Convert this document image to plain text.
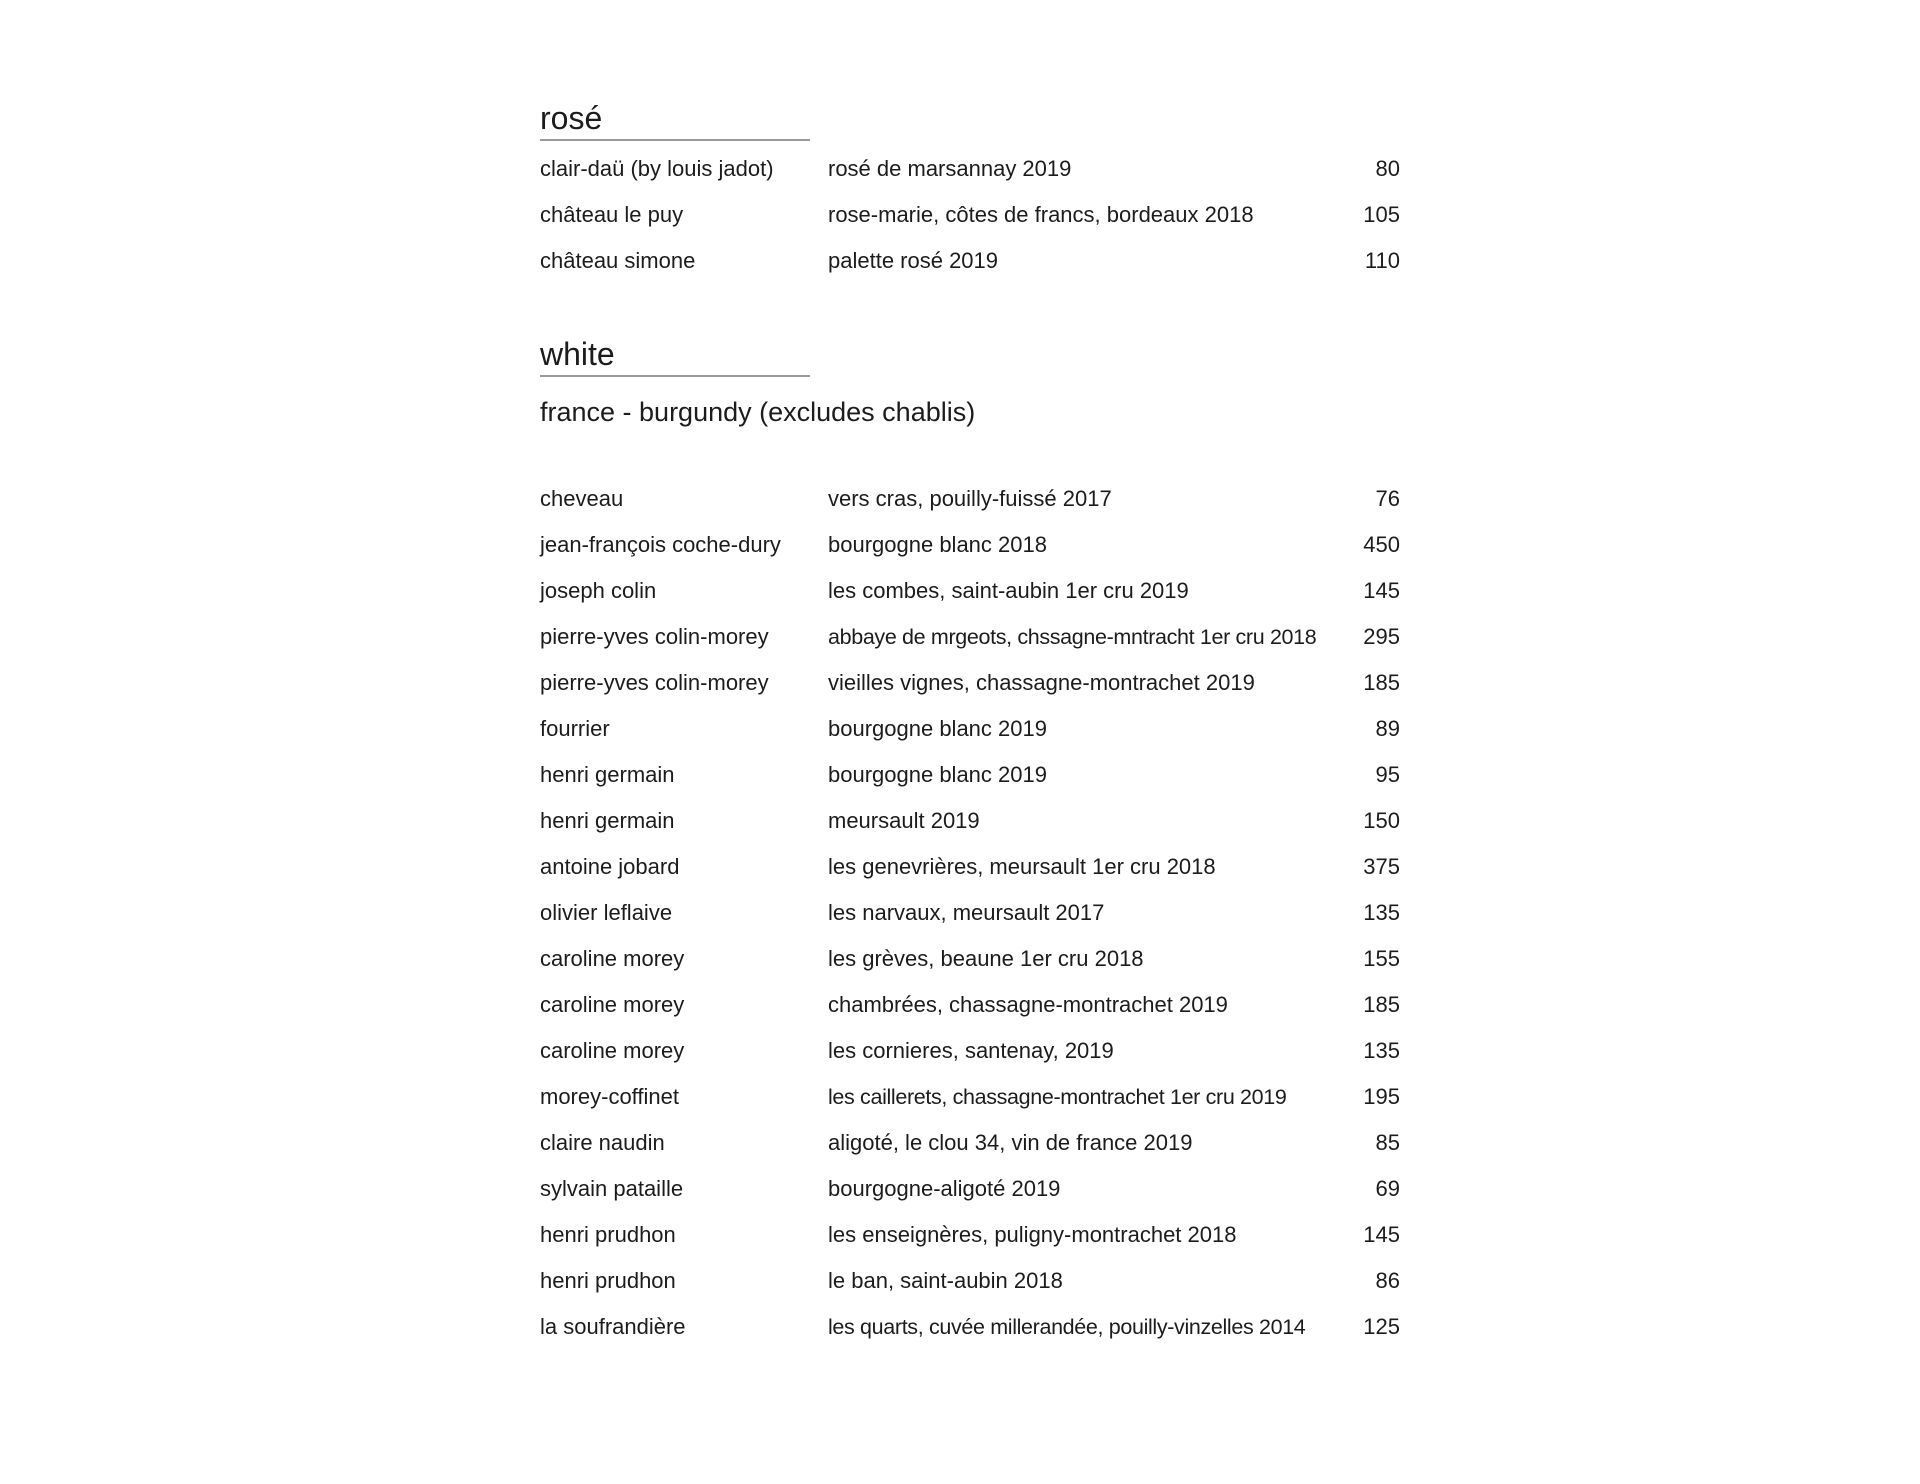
rosé
clair-daü (by louis jadot)	rosé de marsannay 2019	80
château le puy	rose-marie, côtes de francs, bordeaux 2018	105
château simone	palette rosé 2019	110
white
france - burgundy (excludes chablis)
cheveau	vers cras, pouilly-fuissé 2017	76
jean-françois coche-dury	bourgogne blanc 2018	450
joseph colin	les combes, saint-aubin 1er cru 2019	145
pierre-yves colin-morey	abbaye de mrgeots, chssagne-mntracht 1er cru 2018	295
pierre-yves colin-morey	vieilles vignes, chassagne-montrachet 2019	185
fourrier	bourgogne blanc 2019	89
henri germain	bourgogne blanc 2019	95
henri germain	meursault 2019	150
antoine jobard	les genevrières, meursault 1er cru 2018	375
olivier leflaive	les narvaux, meursault 2017	135
caroline morey	les grèves, beaune 1er cru 2018	155
caroline morey	chambrées, chassagne-montrachet 2019	185
caroline morey	les cornieres, santenay, 2019	135
morey-coffinet	les caillerets, chassagne-montrachet 1er cru 2019	195
claire naudin	aligoté, le clou 34, vin de france 2019	85
sylvain pataille	bourgogne-aligoté 2019	69
henri prudhon	les enseignères, puligny-montrachet 2018	145
henri prudhon	le ban, saint-aubin 2018	86
la soufrandière	les quarts, cuvée millerandée, pouilly-vinzelles 2014	125
